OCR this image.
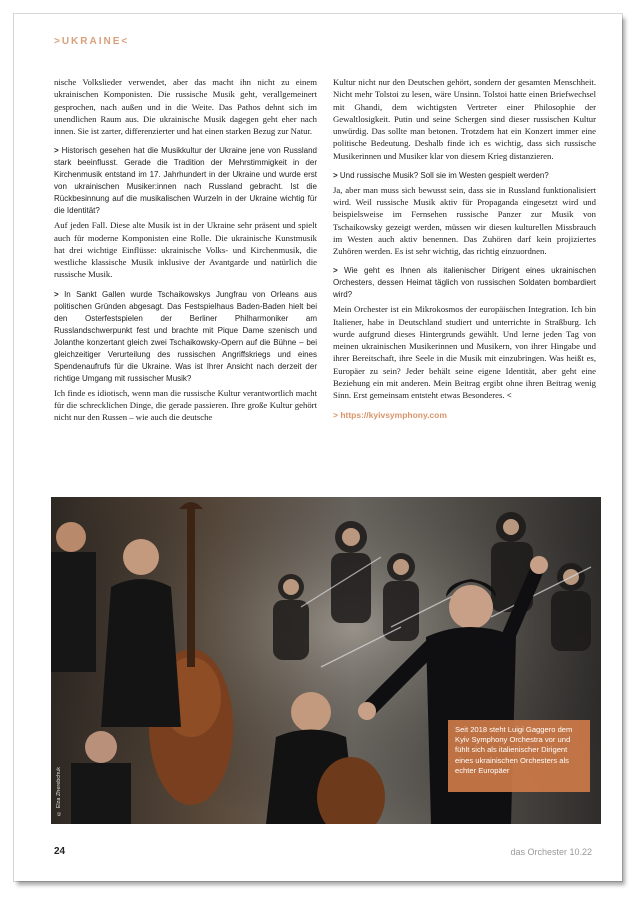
>UKRAINE<

nische Volkslieder verwendet, aber das macht ihn nicht zu einem ukrainischen Komponisten. Die russische Musik geht, verallgemeinert gesprochen, nach außen und in die Weite. Das Pathos dehnt sich im unendlichen Raum aus. Die ukrainische Musik dagegen geht eher nach innen. Sie ist zarter, differenzierter und hat einen starken Bezug zur Natur.

> Historisch gesehen hat die Musikkultur der Ukraine jene von Russland stark beeinflusst. Gerade die Tradition der Mehrstimmigkeit in der Kirchenmusik entstand im 17. Jahrhundert in der Ukraine und wurde erst von ukrainischen Musiker:innen nach Russland gebracht. Ist die Rückbesinnung auf die musikalischen Wurzeln in der Ukraine wichtig für die Identität?

Auf jeden Fall. Diese alte Musik ist in der Ukraine sehr präsent und spielt auch für moderne Komponisten eine Rolle. Die ukrainische Kunstmusik hat drei wichtige Einflüsse: ukrainische Volks- und Kirchenmusik, die westliche klassische Musik inklusive der Avantgarde und natürlich die russische Musik.

> In Sankt Gallen wurde Tschaikowskys Jungfrau von Orleans aus politischen Gründen abgesagt. Das Festspielhaus Baden-Baden hielt bei den Osterfestspielen der Berliner Philharmoniker am Russlandschwerpunkt fest und brachte mit Pique Dame szenisch und Jolanthe konzertant gleich zwei Tschaikowsky-Opern auf die Bühne – bei gleichzeitiger Verurteilung des russischen Angriffskriegs und eines Spendenaufrufs für die Ukraine. Was ist Ihrer Ansicht nach derzeit der richtige Umgang mit russischer Musik?

Ich finde es idiotisch, wenn man die russische Kultur verantwortlich macht für die schrecklichen Dinge, die gerade passieren. Ihre große Kultur gehört nicht nur den Russen – wie auch die deutsche

Kultur nicht nur den Deutschen gehört, sondern der gesamten Menschheit. Nicht mehr Tolstoi zu lesen, wäre Unsinn. Tolstoi hatte einen Briefwechsel mit Ghandi, dem wichtigsten Vertreter einer Philosophie der Gewaltlosigkeit. Putin und seine Schergen sind dieser russischen Kultur unwürdig. Das sollte man betonen. Trotzdem hat ein Konzert immer eine politische Bedeutung. Deshalb finde ich es wichtig, dass sich russische Musikerinnen und Musiker klar von diesem Krieg distanzieren.

> Und russische Musik? Soll sie im Westen gespielt werden?

Ja, aber man muss sich bewusst sein, dass sie in Russland funktionalisiert wird. Weil russische Musik aktiv für Propaganda eingesetzt wird und beispielsweise im Fernsehen russische Panzer zur Musik von Tschaikowsky gezeigt werden, müssen wir diesen kulturellen Missbrauch im Westen auch aktiv benennen. Das Zuhören darf kein projiziertes Zuhören werden. Es ist sehr wichtig, das richtig einzuordnen.

> Wie geht es Ihnen als italienischer Dirigent eines ukrainischen Orchesters, dessen Heimat täglich von russischen Soldaten bombardiert wird?

Mein Orchester ist ein Mikrokosmos der europäischen Integration. Ich bin Italiener, habe in Deutschland studiert und unterrichte in Straßburg. Ich wurde aufgrund dieses Hintergrunds gewählt. Und lerne jeden Tag von meinen ukrainischen Musikerinnen und Musikern, von ihrer Hingabe und ihrer Bereitschaft, ihre Seele in die Musik mit einzubringen. Was heißt es, Europäer zu sein? Jeder behält seine eigene Identität, aber geht eine Beziehung ein mit anderen. Mein Beitrag ergibt ohne ihren Beitrag wenig Sinn. Erst gemeinsam entsteht etwas Besonderes. <

> https://kyivsymphony.com
© Elza Zherebchuk
Seit 2018 steht Luigi Gaggero dem Kyiv Symphony Orchestra vor und fühlt sich als italienischer Dirigent eines ukrainischen Orchesters als echter Europäer
24	das Orchester 10.22
